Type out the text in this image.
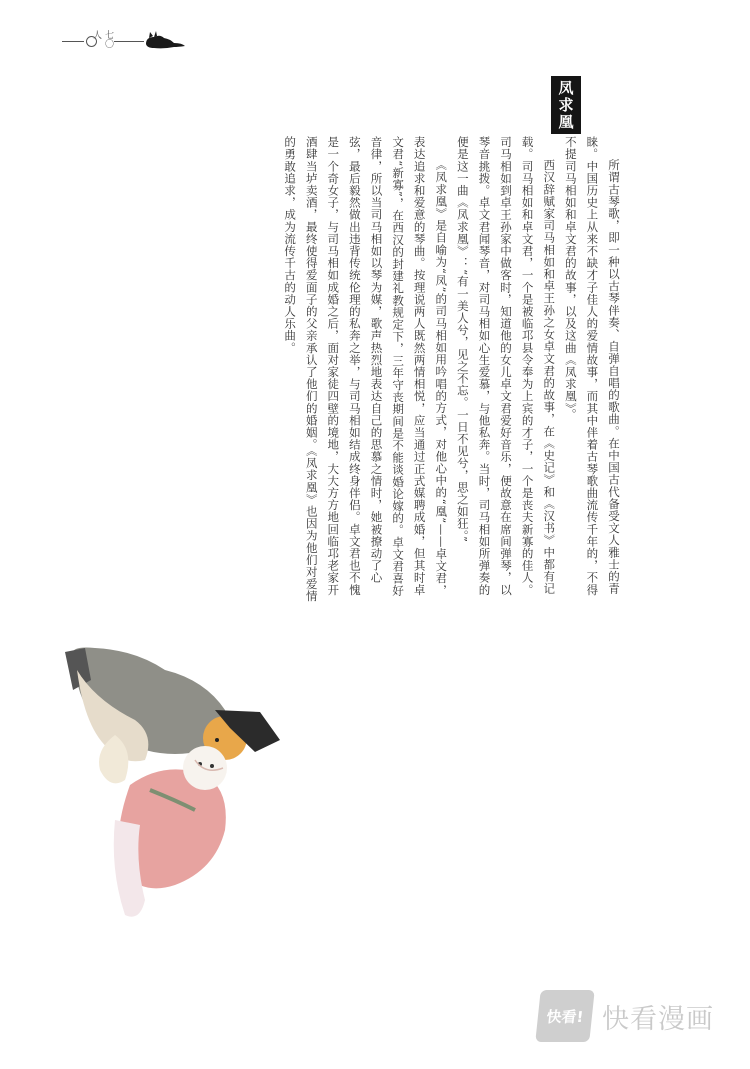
七〇人
凤求凰

所谓古琴歌，即一种以古琴伴奏、自弹自唱的歌曲。在中国古代备受文人雅士的青睐。中国历史上从来不缺才子佳人的爱情故事，而其中伴着古琴歌曲流传千年的，不得不提司马相如和卓文君的故事，以及这曲《凤求凰》。

西汉辞赋家司马相如和卓王孙之女卓文君的故事，在《史记》和《汉书》中都有记载。司马相如和卓文君，一个是被临邛县令奉为上宾的才子，一个是丧夫新寡的佳人。司马相如到卓王孙家中做客时，知道他的女儿卓文君爱好音乐，便故意在席间弹琴，以琴音挑拨。卓文君闻琴音，对司马相如心生爱慕，与他私奔。当时，司马相如所弹奏的便是这一曲《凤求凰》：“有一美人兮，见之不忘。一日不见兮，思之如狂。”

《凤求凰》是自喻为“凤”的司马相如用吟唱的方式，对他心中的“凰”——卓文君，表达追求和爱意的琴曲。按理说两人既然两情相悦，应当通过正式媒聘成婚，但其时卓文君“新寡”，在西汉的封建礼教规定下，三年守丧期间是不能谈婚论嫁的。卓文君喜好音律，所以当司马相如以琴为媒，歌声热烈地表达自己的思慕之情时，她被撩动了心弦，最后毅然做出违背传统伦理的私奔之举，与司马相如结成终身伴侣。卓文君也不愧是一个奇女子，与司马相如成婚之后，面对家徒四壁的境地，大大方方地回临邛老家开酒肆当垆卖酒，最终使得爱面子的父亲承认了他们的婚姻。《凤求凰》也因为他们对爱情的勇敢追求，成为流传千古的动人乐曲。

快看! 快看漫画
